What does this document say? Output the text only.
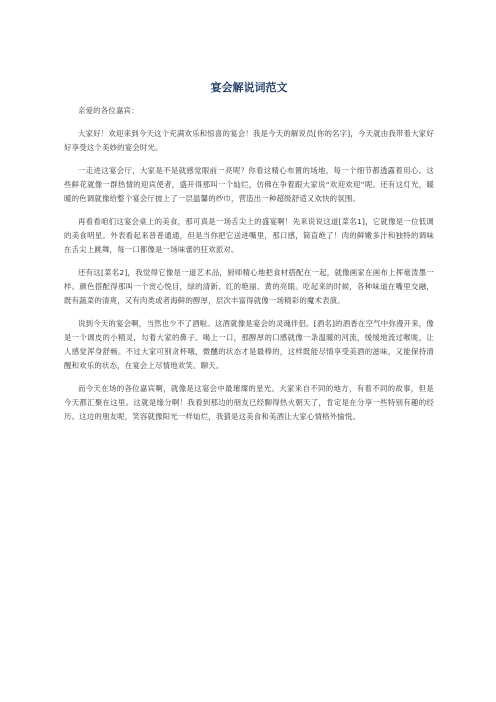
宴会解说词范文

亲爱的各位嘉宾：

大家好！欢迎来到今天这个充满欢乐和惊喜的宴会！我是今天的解说员[你的名字]，今天就由我带着大家好好享受这个美妙的宴会时光。

一走进这宴会厅，大家是不是就感觉眼前一亮呢？你看这精心布置的场地，每一个细节都透露着用心。这些鲜花就像一群热情的迎宾使者，盛开得那叫一个灿烂，仿佛在争着跟大家说“欢迎欢迎”呢。还有这灯光，暖暖的色调就像给整个宴会厅披上了一层温馨的纱巾，营造出一种超级舒适又欢快的氛围。

再看看咱们这宴会桌上的美食，那可真是一场舌尖上的盛宴啊！先来说说这道[菜名1]，它就像是一位低调的美食明星。外表看起来普普通通，但是当你把它送进嘴里，那口感，简直绝了！肉的鲜嫩多汁和独特的调味在舌尖上跳舞，每一口都像是一场味蕾的狂欢派对。

还有这[菜名2]，我觉得它像是一道艺术品，厨师精心地把食材搭配在一起，就像画家在画布上挥毫泼墨一样。颜色搭配得那叫一个赏心悦目，绿的清新、红的艳丽、黄的亮眼。吃起来的时候，各种味道在嘴里交融，既有蔬菜的清爽，又有肉类或者海鲜的醇厚，层次丰富得就像一场精彩的魔术表演。

说到今天的宴会啊，当然也少不了酒啦。这酒就像是宴会的灵魂伴侣。[酒名]的酒香在空气中弥漫开来，像是一个调皮的小精灵，勾着大家的鼻子。喝上一口，那醇厚的口感就像一条温暖的河流，缓缓地流过喉咙，让人感觉浑身舒畅。不过大家可别贪杯哦，微醺的状态才是最棒的，这样既能尽情享受美酒的滋味，又能保持清醒和欢乐的状态，在宴会上尽情地欢笑、聊天。

而今天在场的各位嘉宾啊，就像是这宴会中最璀璨的星光。大家来自不同的地方，有着不同的故事，但是今天都汇聚在这里。这就是缘分啊！我看到那边的朋友已经聊得热火朝天了，肯定是在分享一些特别有趣的经历。这边的朋友呢，笑容就像阳光一样灿烂，我猜是这美食和美酒让大家心情格外愉悦。
